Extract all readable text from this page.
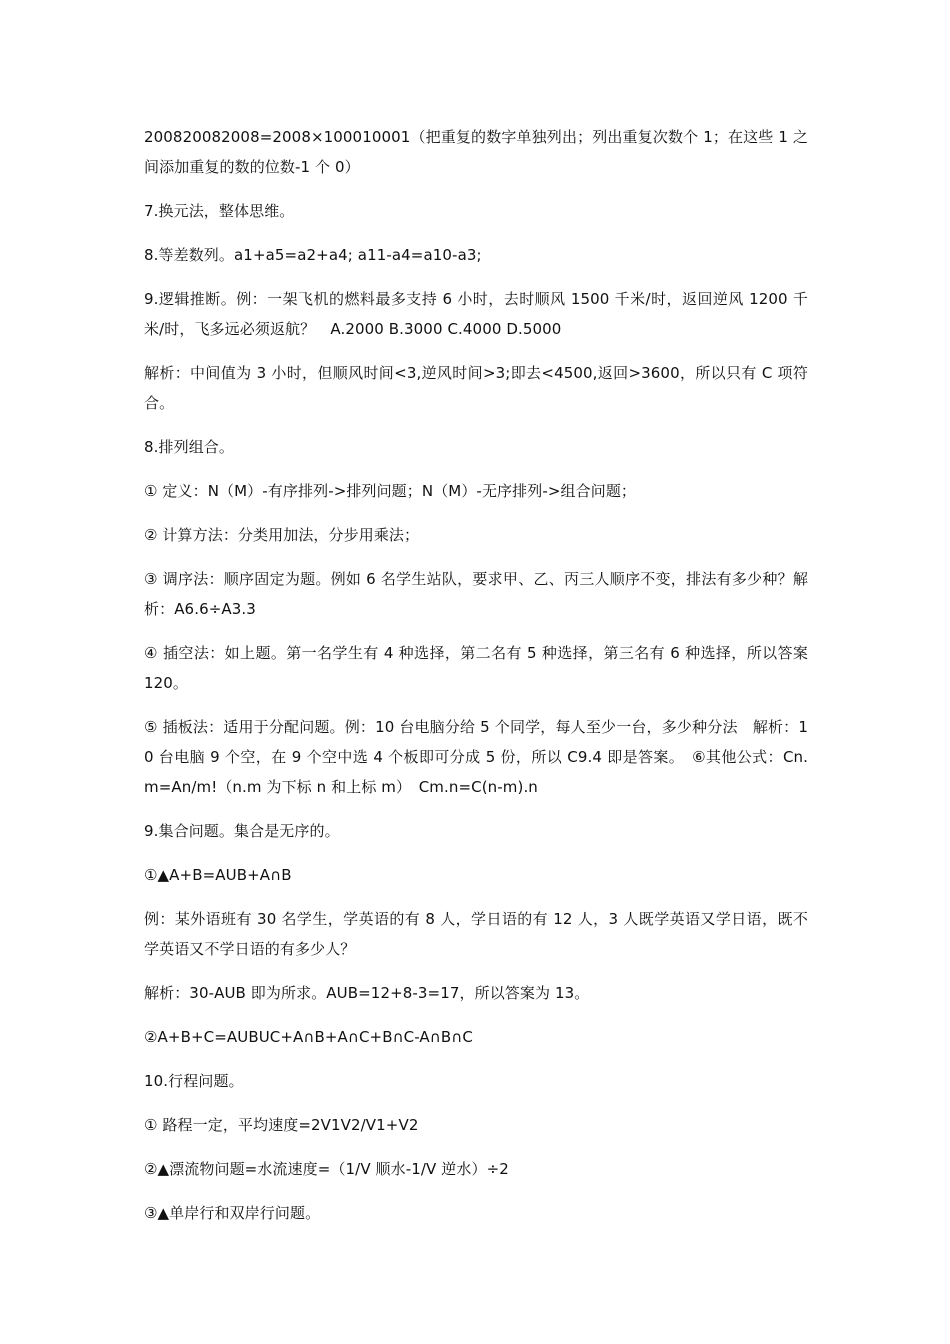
200820082008=2008×100010001（把重复的数字单独列出；列出重复次数个 1；在这些 1 之间添加重复的数的位数-1 个 0）

7.换元法，整体思维。

8.等差数列。a1+a5=a2+a4; a11-a4=a10-a3;

9.逻辑推断。例：一架飞机的燃料最多支持 6 小时，去时顺风 1500 千米/时，返回逆风 1200 千米/时，飞多远必须返航？　A.2000 B.3000 C.4000 D.5000

解析：中间值为 3 小时，但顺风时间<3,逆风时间>3;即去<4500,返回>3600，所以只有 C 项符合。

8.排列组合。

① 定义：N（M）-有序排列->排列问题；N（M）-无序排列->组合问题；

② 计算方法：分类用加法，分步用乘法；

③ 调序法：顺序固定为题。例如 6 名学生站队，要求甲、乙、丙三人顺序不变，排法有多少种？解析：A6.6÷A3.3

④ 插空法：如上题。第一名学生有 4 种选择，第二名有 5 种选择，第三名有 6 种选择，所以答案 120。

⑤ 插板法：适用于分配问题。例：10 台电脑分给 5 个同学，每人至少一台，多少种分法　解析：10 台电脑 9 个空，在 9 个空中选 4 个板即可分成 5 份，所以 C9.4 即是答案。　⑥其他公式：Cn.m=An/m!（n.m 为下标 n 和上标 m）　Cm.n=C(n-m).n

9.集合问题。集合是无序的。

①▲A+B=AUB+A∩B

例：某外语班有 30 名学生，学英语的有 8 人，学日语的有 12 人，3 人既学英语又学日语，既不学英语又不学日语的有多少人？

解析：30-AUB 即为所求。AUB=12+8-3=17，所以答案为 13。

②A+B+C=AUBUC+A∩B+A∩C+B∩C-A∩B∩C

10.行程问题。

① 路程一定，平均速度=2V1V2/V1+V2

②▲漂流物问题=水流速度=（1/V 顺水-1/V 逆水）÷2

③▲单岸行和双岸行问题。
